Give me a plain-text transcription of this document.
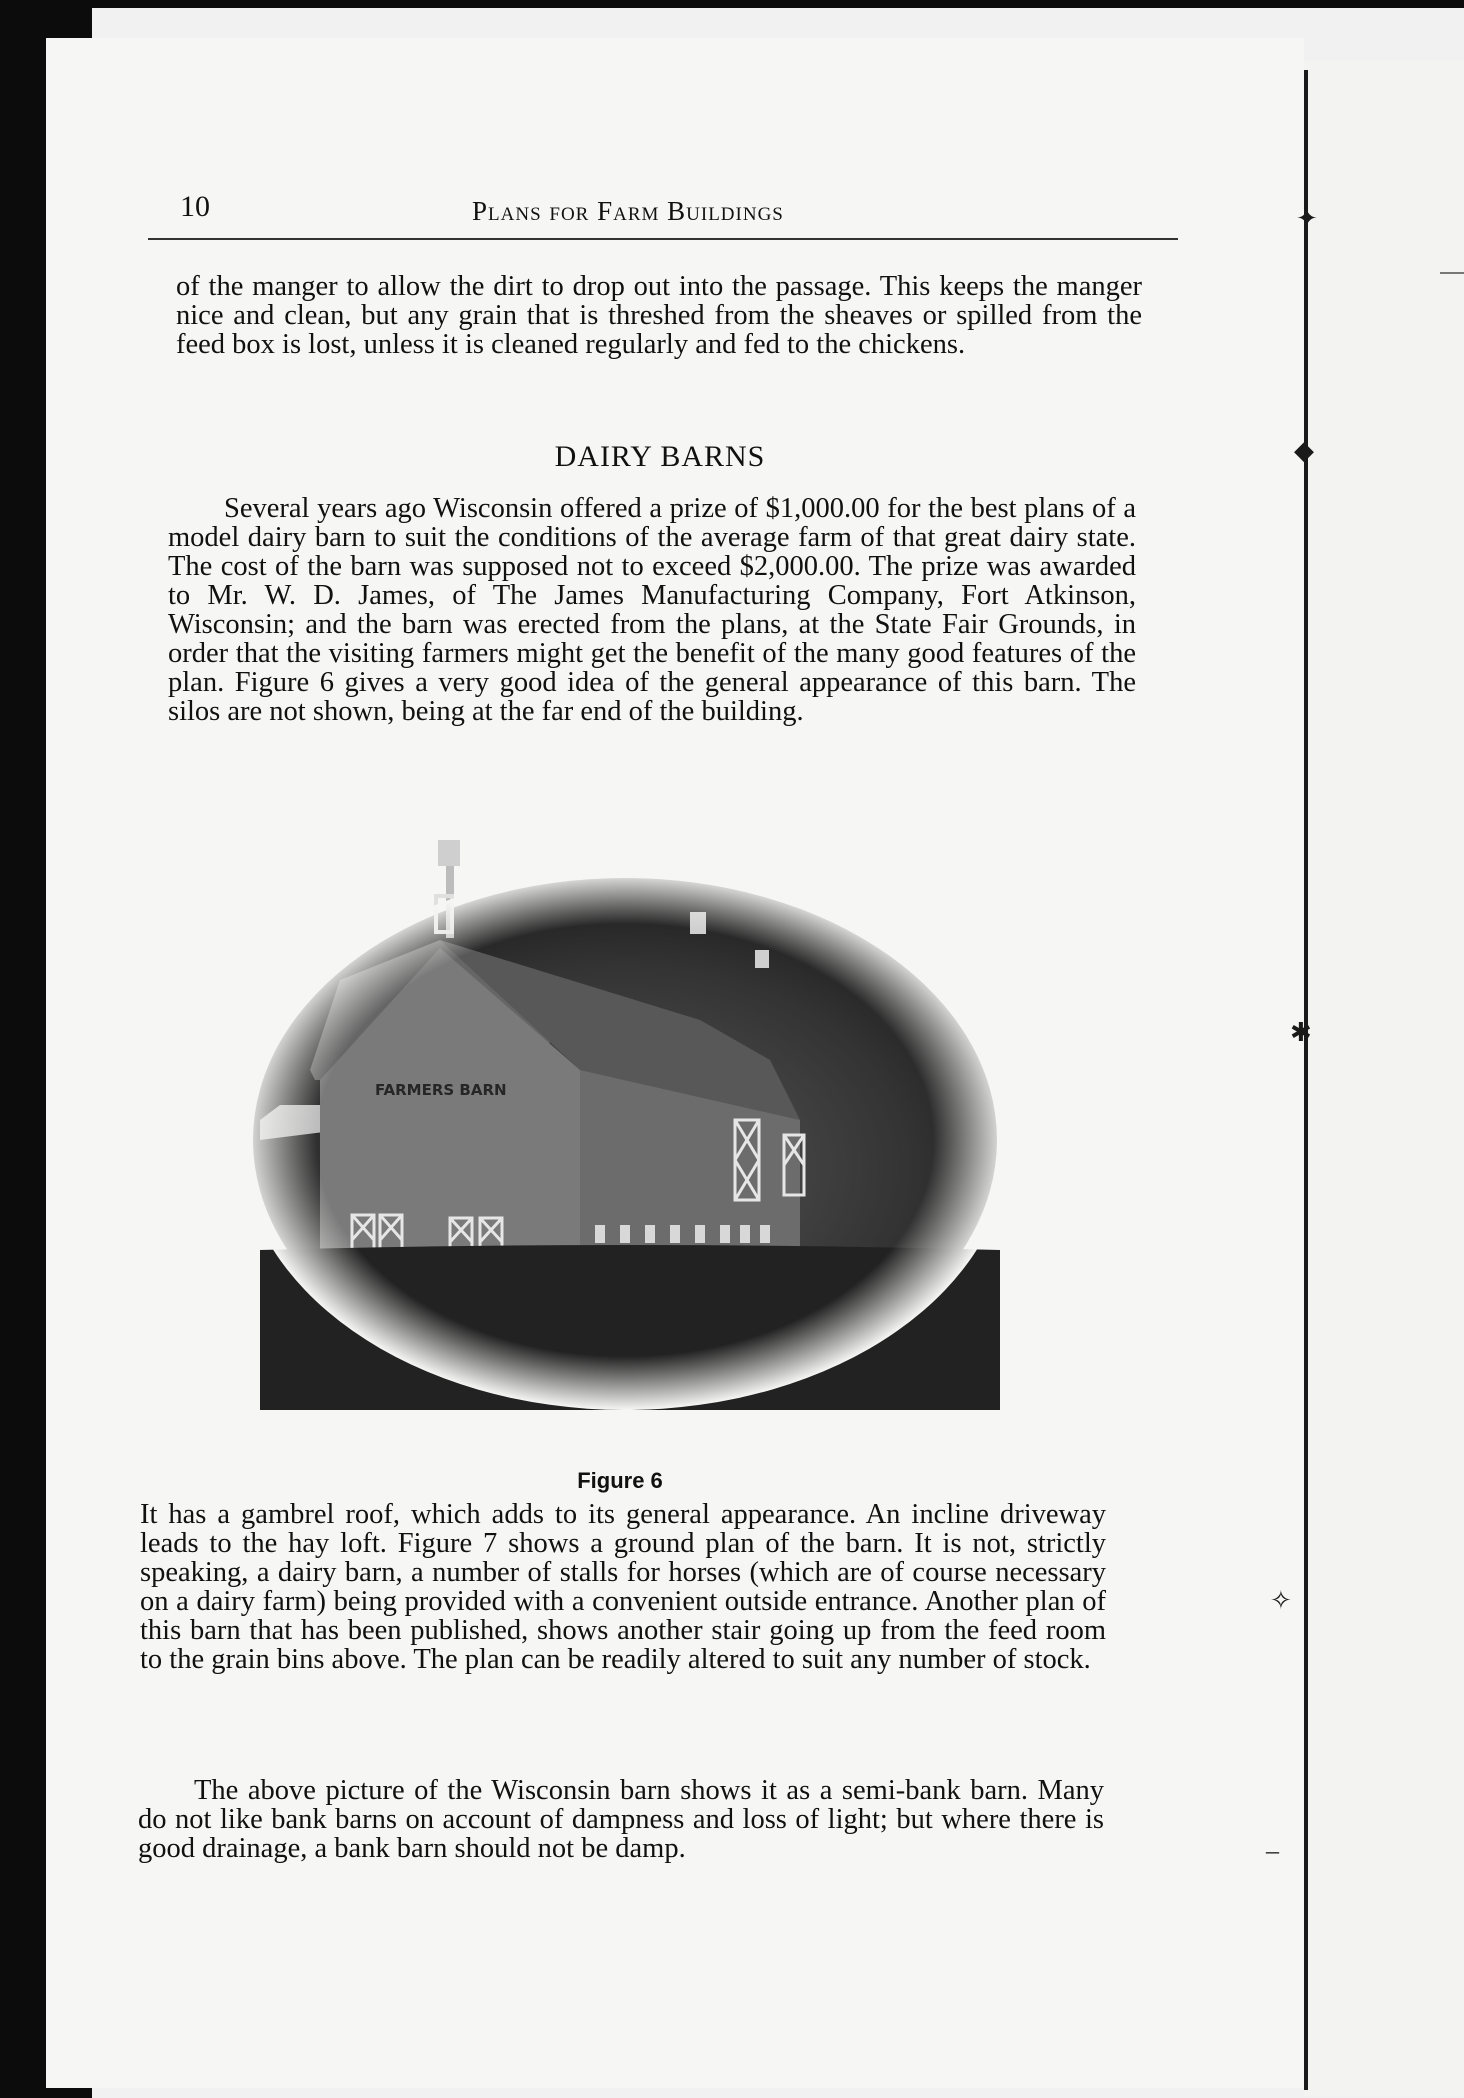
✦
◆
✱
✧
–
10	Plans for Farm Buildings

of the manger to allow the dirt to drop out into the passage. This keeps the manger nice and clean, but any grain that is threshed from the sheaves or spilled from the feed box is lost, unless it is cleaned regularly and fed to the chickens.

DAIRY BARNS

Several years ago Wisconsin offered a prize of $1,000.00 for the best plans of a model dairy barn to suit the conditions of the average farm of that great dairy state. The cost of the barn was supposed not to exceed $2,000.00. The prize was awarded to Mr. W. D. James, of The James Manufacturing Company, Fort Atkinson, Wisconsin; and the barn was erected from the plans, at the State Fair Grounds, in order that the visiting farmers might get the benefit of the many good features of the plan. Figure 6 gives a very good idea of the general appearance of this barn. The silos are not shown, being at the far end of the building.

Figure 6

It has a gambrel roof, which adds to its general appearance. An incline driveway leads to the hay loft. Figure 7 shows a ground plan of the barn. It is not, strictly speaking, a dairy barn, a number of stalls for horses (which are of course necessary on a dairy farm) being provided with a convenient outside entrance. Another plan of this barn that has been published, shows another stair going up from the feed room to the grain bins above. The plan can be readily altered to suit any number of stock.

The above picture of the Wisconsin barn shows it as a semi-bank barn. Many do not like bank barns on account of dampness and loss of light; but where there is good drainage, a bank barn should not be damp.
